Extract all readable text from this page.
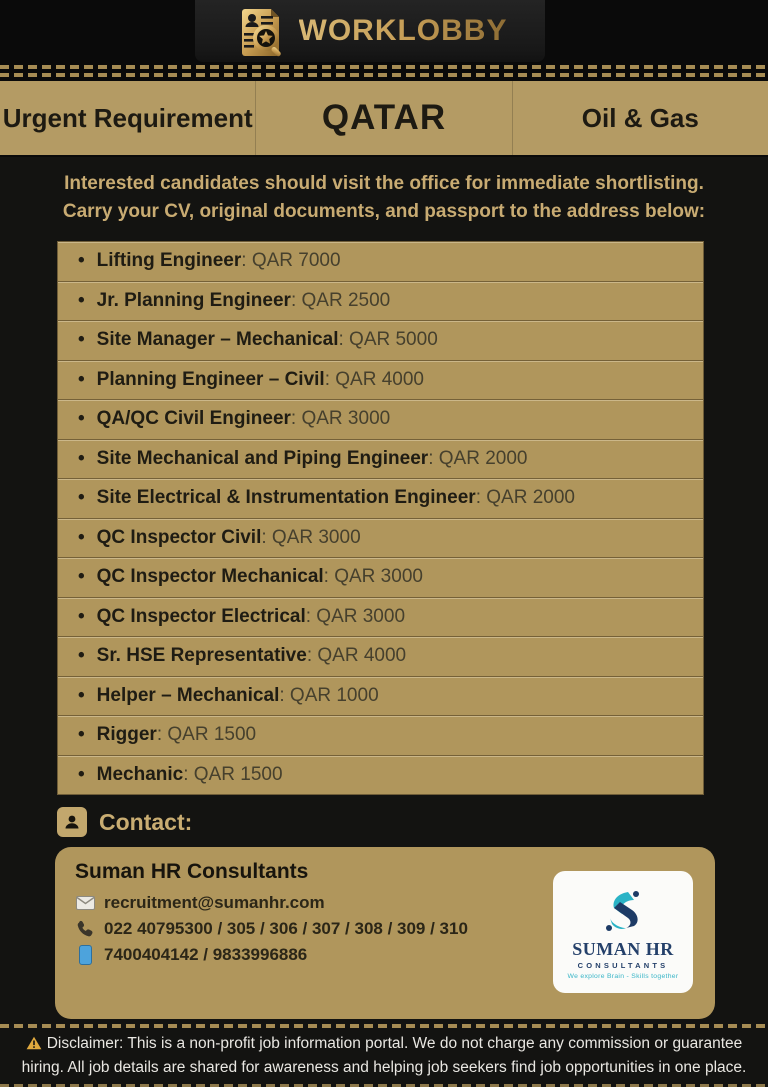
WORKLOBBY
Urgent Requirement	QATAR	Oil & Gas
Interested candidates should visit the office for immediate shortlisting.
Carry your CV, original documents, and passport to the address below:
• Lifting Engineer : QAR 7000
• Jr. Planning Engineer : QAR 2500
• Site Manager – Mechanical : QAR 5000
• Planning Engineer – Civil : QAR 4000
• QA/QC Civil Engineer : QAR 3000
• Site Mechanical and Piping Engineer : QAR 2000
• Site Electrical & Instrumentation Engineer : QAR 2000
• QC Inspector Civil : QAR 3000
• QC Inspector Mechanical : QAR 3000
• QC Inspector Electrical : QAR 3000
• Sr. HSE Representative : QAR 4000
• Helper – Mechanical : QAR 1000
• Rigger : QAR 1500
• Mechanic : QAR 1500
Contact:
Suman HR Consultants
recruitment@sumanhr.com
022 40795300 / 305 / 306 / 307 / 308 / 309 / 310
7400404142 / 9833996886	SUMAN HR
CONSULTANTS
We explore Brain - Skills together
Disclaimer: This is a non-profit job information portal. We do not charge any commission or guarantee hiring. All job details are shared for awareness and helping job seekers find job opportunities in one place.
